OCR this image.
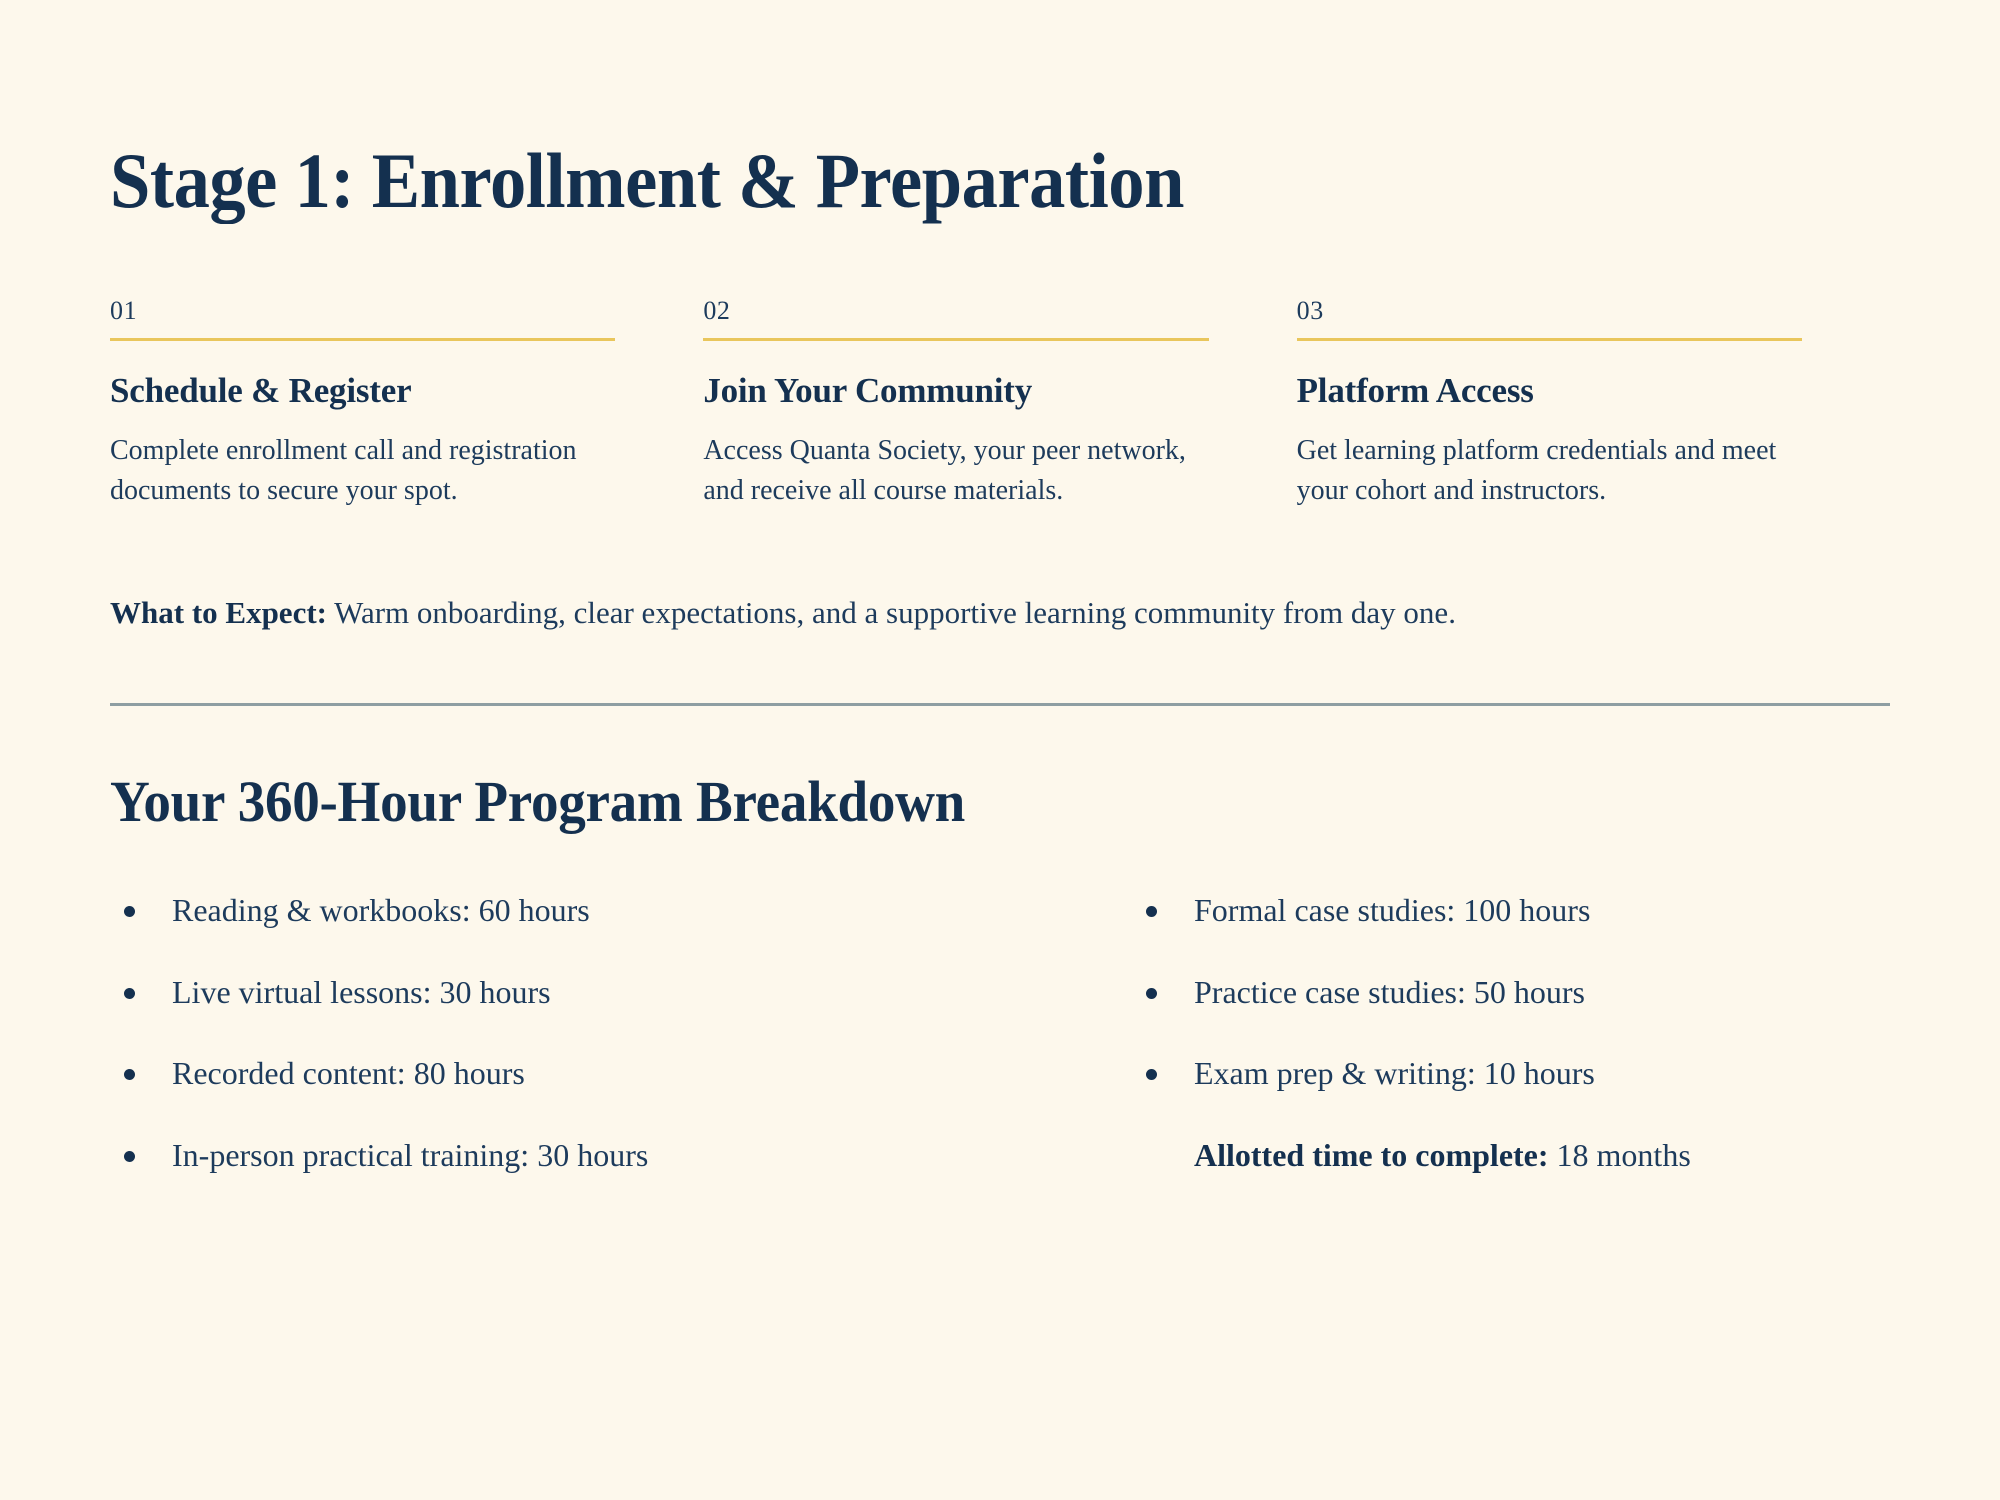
Stage 1: Enrollment & Preparation
01
Schedule & Register

Complete enrollment call and registration documents to secure your spot.

02
Join Your Community

Access Quanta Society, your peer network, and receive all course materials.

03
Platform Access

Get learning platform credentials and meet your cohort and instructors.

What to Expect: Warm onboarding, clear expectations, and a supportive learning community from day one.

Your 360-Hour Program Breakdown
Reading & workbooks: 60 hours
Live virtual lessons: 30 hours
Recorded content: 80 hours
In-person practical training: 30 hours
Formal case studies: 100 hours
Practice case studies: 50 hours
Exam prep & writing: 10 hours
Allotted time to complete: 18 months
